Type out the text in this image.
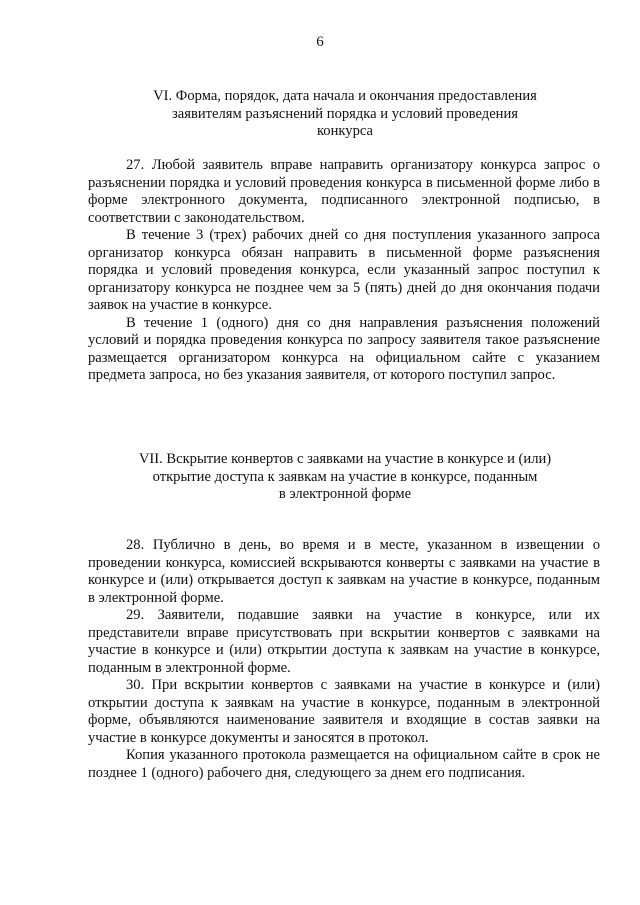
6
VI. Форма, порядок, дата начала и окончания предоставления
заявителям разъяснений порядка и условий проведения
конкурса

27. Любой заявитель вправе направить организатору конкурса запрос о разъяснении порядка и условий проведения конкурса в письменной форме либо в форме электронного документа, подписанного электронной подписью, в соответствии с законодательством.

В течение 3 (трех) рабочих дней со дня поступления указанного запроса организатор конкурса обязан направить в письменной форме разъяснения порядка и условий проведения конкурса, если указанный запрос поступил к организатору конкурса не позднее чем за 5 (пять) дней до дня окончания подачи заявок на участие в конкурсе.

В течение 1 (одного) дня со дня направления разъяснения положений условий и порядка проведения конкурса по запросу заявителя такое разъяснение размещается организатором конкурса на официальном сайте с указанием предмета запроса, но без указания заявителя, от которого поступил запрос.

VII. Вскрытие конвертов с заявками на участие в конкурсе и (или)
открытие доступа к заявкам на участие в конкурсе, поданным
в электронной форме

28. Публично в день, во время и в месте, указанном в извещении о проведении конкурса, комиссией вскрываются конверты с заявками на участие в конкурсе и (или) открывается доступ к заявкам на участие в конкурсе, поданным в электронной форме.

29. Заявители, подавшие заявки на участие в конкурсе, или их представители вправе присутствовать при вскрытии конвертов с заявками на участие в конкурсе и (или) открытии доступа к заявкам на участие в конкурсе, поданным в электронной форме.

30. При вскрытии конвертов с заявками на участие в конкурсе и (или) открытии доступа к заявкам на участие в конкурсе, поданным в электронной форме, объявляются наименование заявителя и входящие в состав заявки на участие в конкурсе документы и заносятся в протокол.

Копия указанного протокола размещается на официальном сайте в срок не позднее 1 (одного) рабочего дня, следующего за днем его подписания.
